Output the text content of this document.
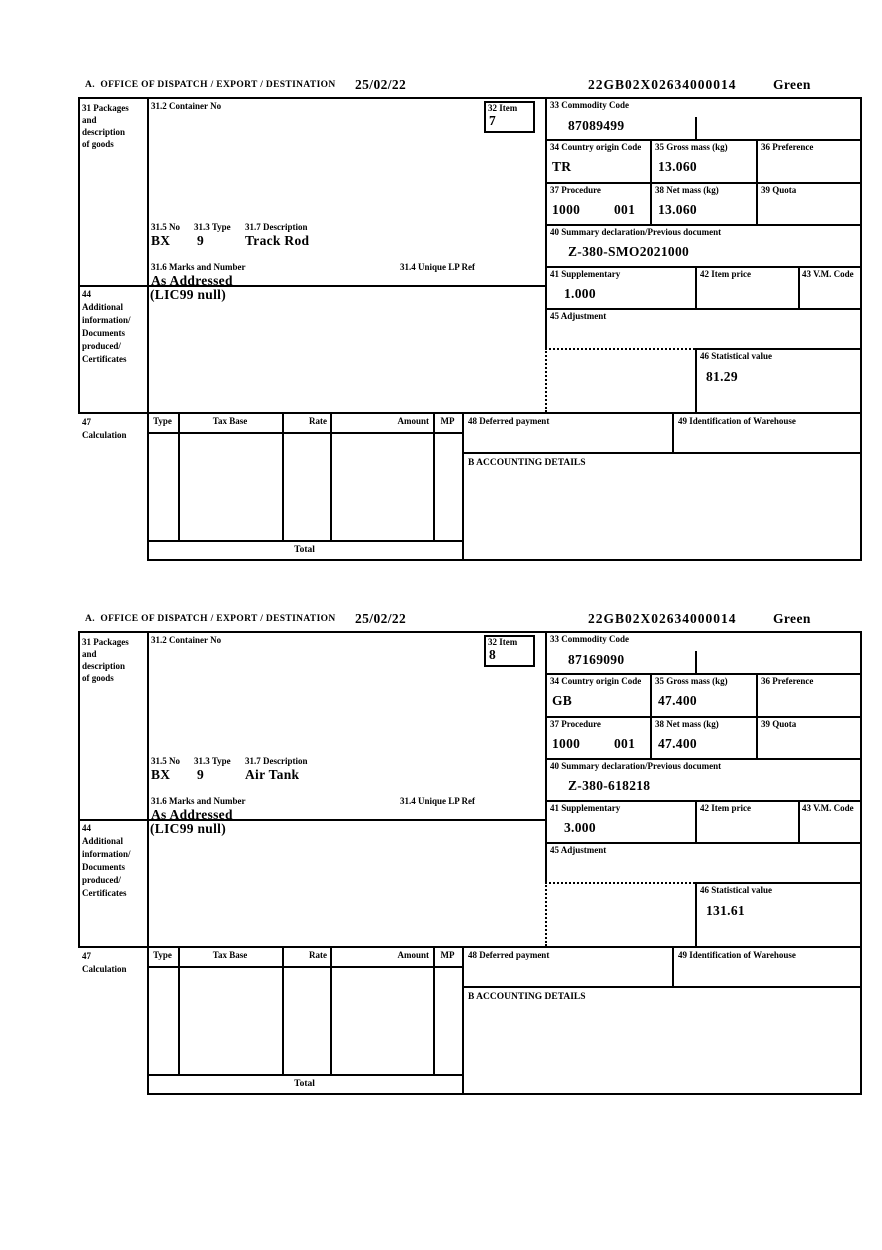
A.  OFFICE OF DISPATCH / EXPORT / DESTINATION 25/02/22	22GB02X02634000014	Green
31 Packages
and
description
of goods
31.2 Container No	32 Item
7
31.5 No 31.3 Type 31.7 Description
BX 9	Track Rod
31.6 Marks and Number	31.4 Unique LP Ref
As Addressed
44
Additional
information/
Documents
produced/
Certificates
(LIC99 null)
33 Commodity Code
87089499
34 Country origin Code
TR
35 Gross mass (kg)
13.060
36 Preference
37 Procedure
1000	001
38 Net mass (kg)
13.060
39 Quota
40 Summary declaration/Previous document
Z-380-SMO2021000
41 Supplementary
1.000
42 Item price	43 V.M. Code
45 Adjustment
46 Statistical value
81.29
47
Calculation
Type	Tax Base	Rate	Amount	MP
Total
48 Deferred payment	49 Identification of Warehouse
B ACCOUNTING DETAILS
A.  OFFICE OF DISPATCH / EXPORT / DESTINATION 25/02/22	22GB02X02634000014	Green
31 Packages
and
description
of goods
31.2 Container No	32 Item
8
31.5 No 31.3 Type 31.7 Description
BX 9	Air Tank
31.6 Marks and Number	31.4 Unique LP Ref
As Addressed
44
Additional
information/
Documents
produced/
Certificates
(LIC99 null)
33 Commodity Code
87169090
34 Country origin Code
GB
35 Gross mass (kg)
47.400
36 Preference
37 Procedure
1000	001
38 Net mass (kg)
47.400
39 Quota
40 Summary declaration/Previous document
Z-380-618218
41 Supplementary
3.000
42 Item price	43 V.M. Code
45 Adjustment
46 Statistical value
131.61
47
Calculation
Type	Tax Base	Rate	Amount	MP
Total
48 Deferred payment	49 Identification of Warehouse
B ACCOUNTING DETAILS
